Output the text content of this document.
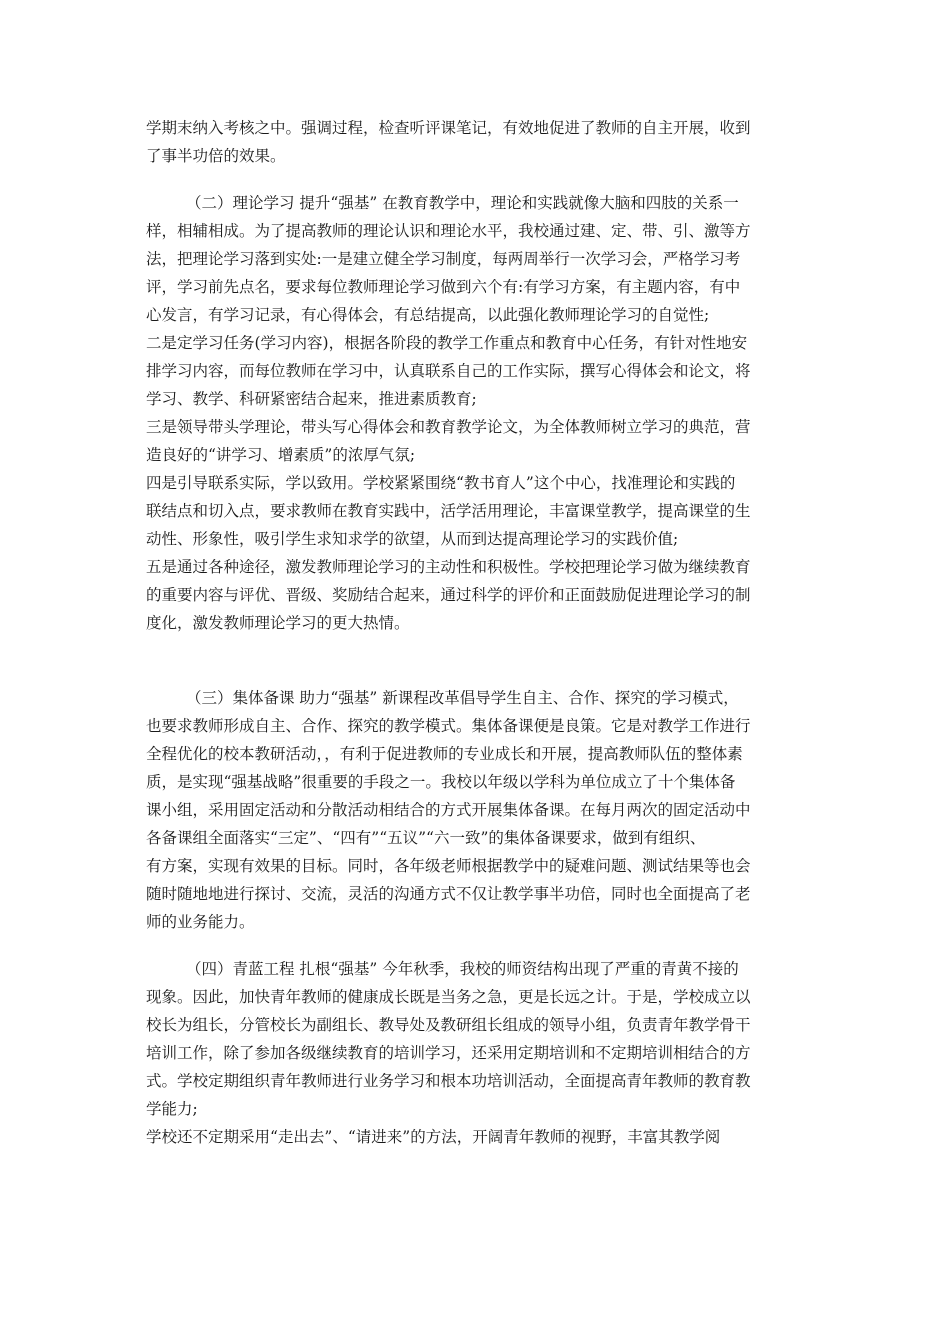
学期末纳入考核之中。强调过程，检查听评课笔记，有效地促进了教师的自主开展，收到
了事半功倍的效果。
（二）理论学习 提升“强基” 在教育教学中，理论和实践就像大脑和四肢的关系一
样，相辅相成。为了提高教师的理论认识和理论水平，我校通过建、定、带、引、激等方
法，把理论学习落到实处:一是建立健全学习制度，每两周举行一次学习会，严格学习考
评，学习前先点名，要求每位教师理论学习做到六个有:有学习方案，有主题内容，有中
心发言，有学习记录，有心得体会，有总结提高，以此强化教师理论学习的自觉性;
二是定学习任务(学习内容)，根据各阶段的教学工作重点和教育中心任务，有针对性地安
排学习内容，而每位教师在学习中，认真联系自己的工作实际，撰写心得体会和论文，将
学习、教学、科研紧密结合起来，推进素质教育;
三是领导带头学理论，带头写心得体会和教育教学论文，为全体教师树立学习的典范，营
造良好的“讲学习、增素质”的浓厚气氛;
四是引导联系实际，学以致用。学校紧紧围绕“教书育人”这个中心，找准理论和实践的
联结点和切入点，要求教师在教育实践中，活学活用理论，丰富课堂教学，提高课堂的生
动性、形象性，吸引学生求知求学的欲望，从而到达提高理论学习的实践价值;
五是通过各种途径，激发教师理论学习的主动性和积极性。学校把理论学习做为继续教育
的重要内容与评优、晋级、奖励结合起来，通过科学的评价和正面鼓励促进理论学习的制
度化，激发教师理论学习的更大热情。
（三）集体备课 助力“强基” 新课程改革倡导学生自主、合作、探究的学习模式，
也要求教师形成自主、合作、探究的教学模式。集体备课便是良策。它是对教学工作进行
全程优化的校本教研活动，，有利于促进教师的专业成长和开展，提高教师队伍的整体素
质，是实现“强基战略”很重要的手段之一。我校以年级以学科为单位成立了十个集体备
课小组，采用固定活动和分散活动相结合的方式开展集体备课。在每月两次的固定活动中
各备课组全面落实“三定”、“四有”“五议”“六一致”的集体备课要求，做到有组织、
有方案，实现有效果的目标。同时，各年级老师根据教学中的疑难问题、测试结果等也会
随时随地地进行探讨、交流，灵活的沟通方式不仅让教学事半功倍，同时也全面提高了老
师的业务能力。
（四）青蓝工程 扎根“强基” 今年秋季，我校的师资结构出现了严重的青黄不接的
现象。因此，加快青年教师的健康成长既是当务之急，更是长远之计。于是，学校成立以
校长为组长，分管校长为副组长、教导处及教研组长组成的领导小组，负责青年教学骨干
培训工作，除了参加各级继续教育的培训学习，还采用定期培训和不定期培训相结合的方
式。学校定期组织青年教师进行业务学习和根本功培训活动，全面提高青年教师的教育教
学能力;
学校还不定期采用“走出去”、“请进来”的方法，开阔青年教师的视野，丰富其教学阅
